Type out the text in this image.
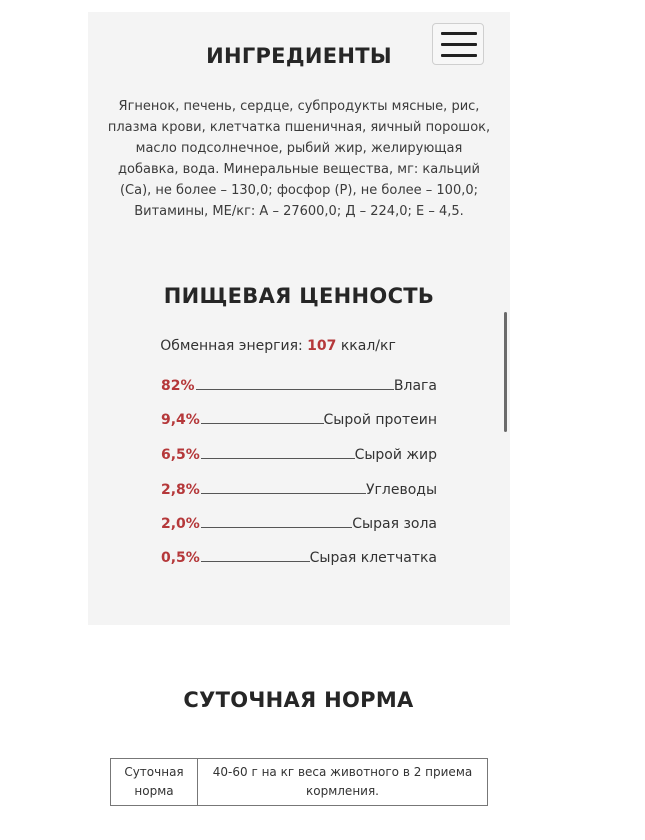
ИНГРЕДИЕНТЫ
Ягненок, печень, сердце, субпродукты мясные, рис, плазма крови, клетчатка пшеничная, яичный порошок, масло подсолнечное, рыбий жир, желирующая добавка, вода. Минеральные вещества, мг: кальций (Са), не более – 130,0; фосфор (Р), не более – 100,0; Витамины, МЕ/кг: А – 27600,0; Д – 224,0; Е – 4,5.
ПИЩЕВАЯ ЦЕННОСТЬ
Обменная энергия: 107 ккал/кг
82%	Влага
9,4%	Сырой протеин
6,5%	Сырой жир
2,8%	Углеводы
2,0%	Сырая зола
0,5%	Сырая клетчатка
СУТОЧНАЯ НОРМА
Суточная норма	40-60 г на кг веса животного в 2 приема кормления.
